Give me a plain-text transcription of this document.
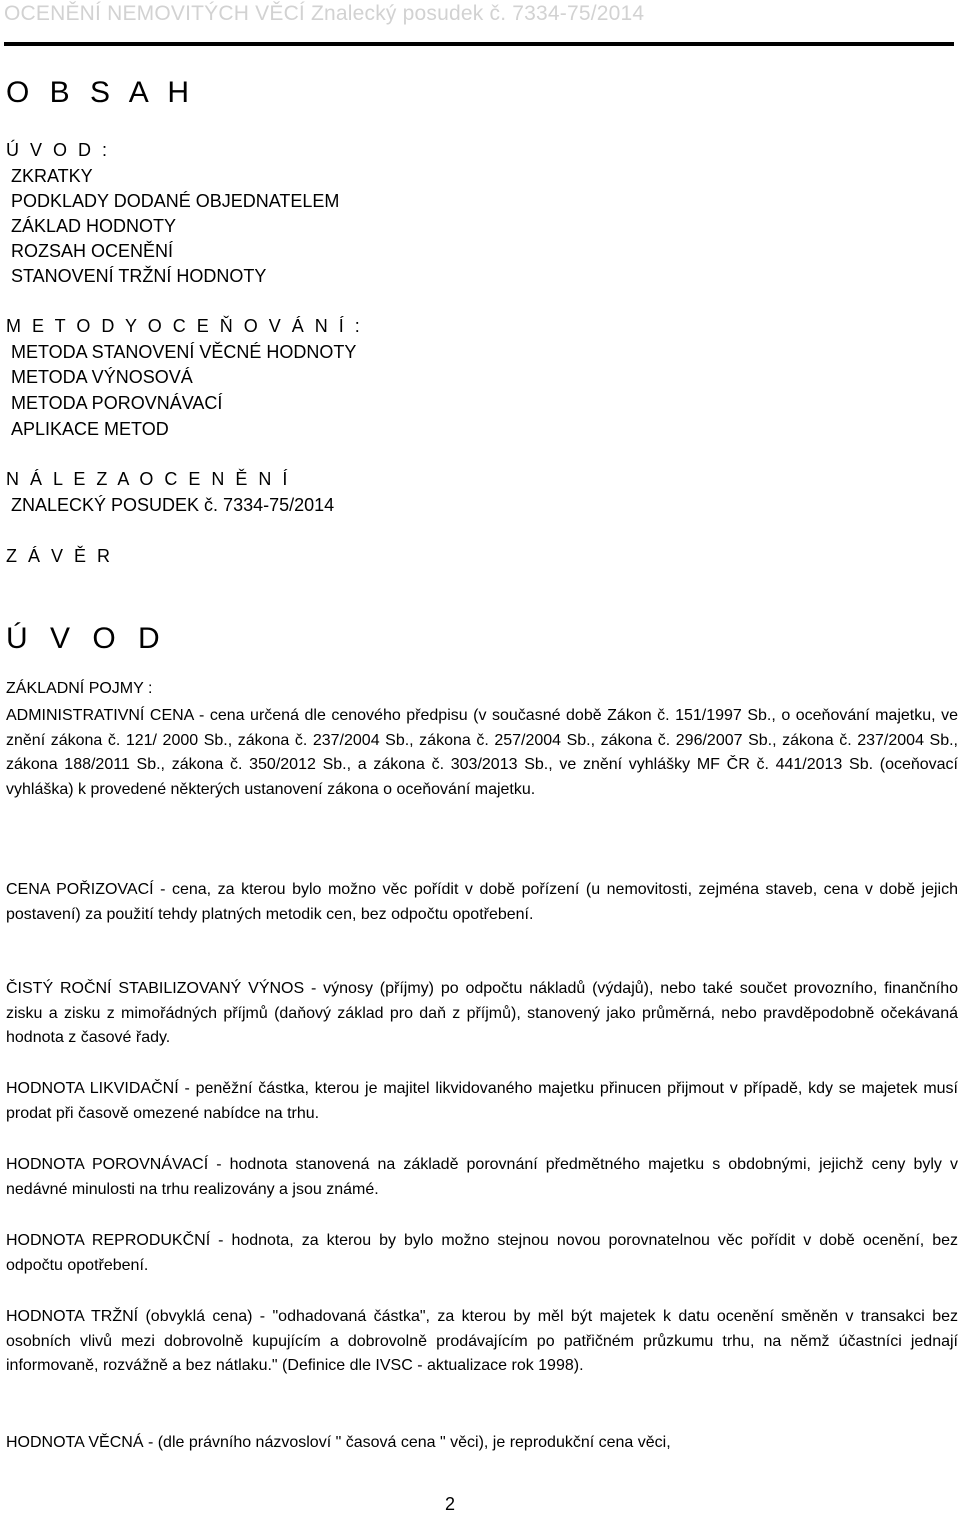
OCENĚNÍ NEMOVITÝCH VĚCÍ Znalecký posudek č. 7334-75/2014
O B S A H
Ú V O D :
ZKRATKY
PODKLADY DODANÉ OBJEDNATELEM
ZÁKLAD HODNOTY
ROZSAH OCENĚNÍ
STANOVENÍ TRŽNÍ HODNOTY
M E T O D Y O C E Ň O V Á N Í :
METODA STANOVENÍ VĚCNÉ HODNOTY
METODA VÝNOSOVÁ
METODA POROVNÁVACÍ
APLIKACE METOD
N Á L E Z A O C E N Ě N Í
ZNALECKÝ POSUDEK č. 7334-75/2014
Z Á V Ě R
Ú V O D
ZÁKLADNÍ POJMY :

ADMINISTRATIVNÍ CENA - cena určená dle cenového předpisu (v současné době Zákon č. 151/1997 Sb., o oceňování majetku, ve znění zákona č. 121/ 2000 Sb., zákona č. 237/2004 Sb., zákona č. 257/2004 Sb., zákona č. 296/2007 Sb., zákona č. 237/2004 Sb., zákona 188/2011 Sb., zákona č. 350/2012 Sb., a zákona č. 303/2013 Sb., ve znění vyhlášky MF ČR č. 441/2013 Sb. (oceňovací vyhláška) k provedené některých ustanovení zákona o oceňování majetku.

CENA POŘIZOVACÍ - cena, za kterou bylo možno věc pořídit v době pořízení (u nemovitosti, zejména staveb, cena v době jejich postavení) za použití tehdy platných metodik cen, bez odpočtu opotřebení.

ČISTÝ ROČNÍ STABILIZOVANÝ VÝNOS - výnosy (příjmy) po odpočtu nákladů (výdajů), nebo také součet provozního, finančního zisku a zisku z mimořádných příjmů (daňový základ pro daň z příjmů), stanovený jako průměrná, nebo pravděpodobně očekávaná hodnota z časové řady.

HODNOTA LIKVIDAČNÍ - peněžní částka, kterou je majitel likvidovaného majetku přinucen přijmout v případě, kdy se majetek musí prodat při časově omezené nabídce na trhu.

HODNOTA POROVNÁVACÍ - hodnota stanovená na základě porovnání předmětného majetku s obdobnými, jejichž ceny byly v nedávné minulosti na trhu realizovány a jsou známé.

HODNOTA REPRODUKČNÍ - hodnota, za kterou by bylo možno stejnou novou porovnatelnou věc pořídit v době ocenění, bez odpočtu opotřebení.

HODNOTA TRŽNÍ (obvyklá cena) - "odhadovaná částka", za kterou by měl být majetek k datu ocenění směněn v transakci bez osobních vlivů mezi dobrovolně kupujícím a dobrovolně prodávajícím po patřičném průzkumu trhu, na němž účastníci jednají informovaně, rozvážně a bez nátlaku." (Definice dle IVSC - aktualizace rok 1998).

HODNOTA VĚCNÁ - (dle právního názvosloví " časová cena " věci), je reprodukční cena věci,

2
